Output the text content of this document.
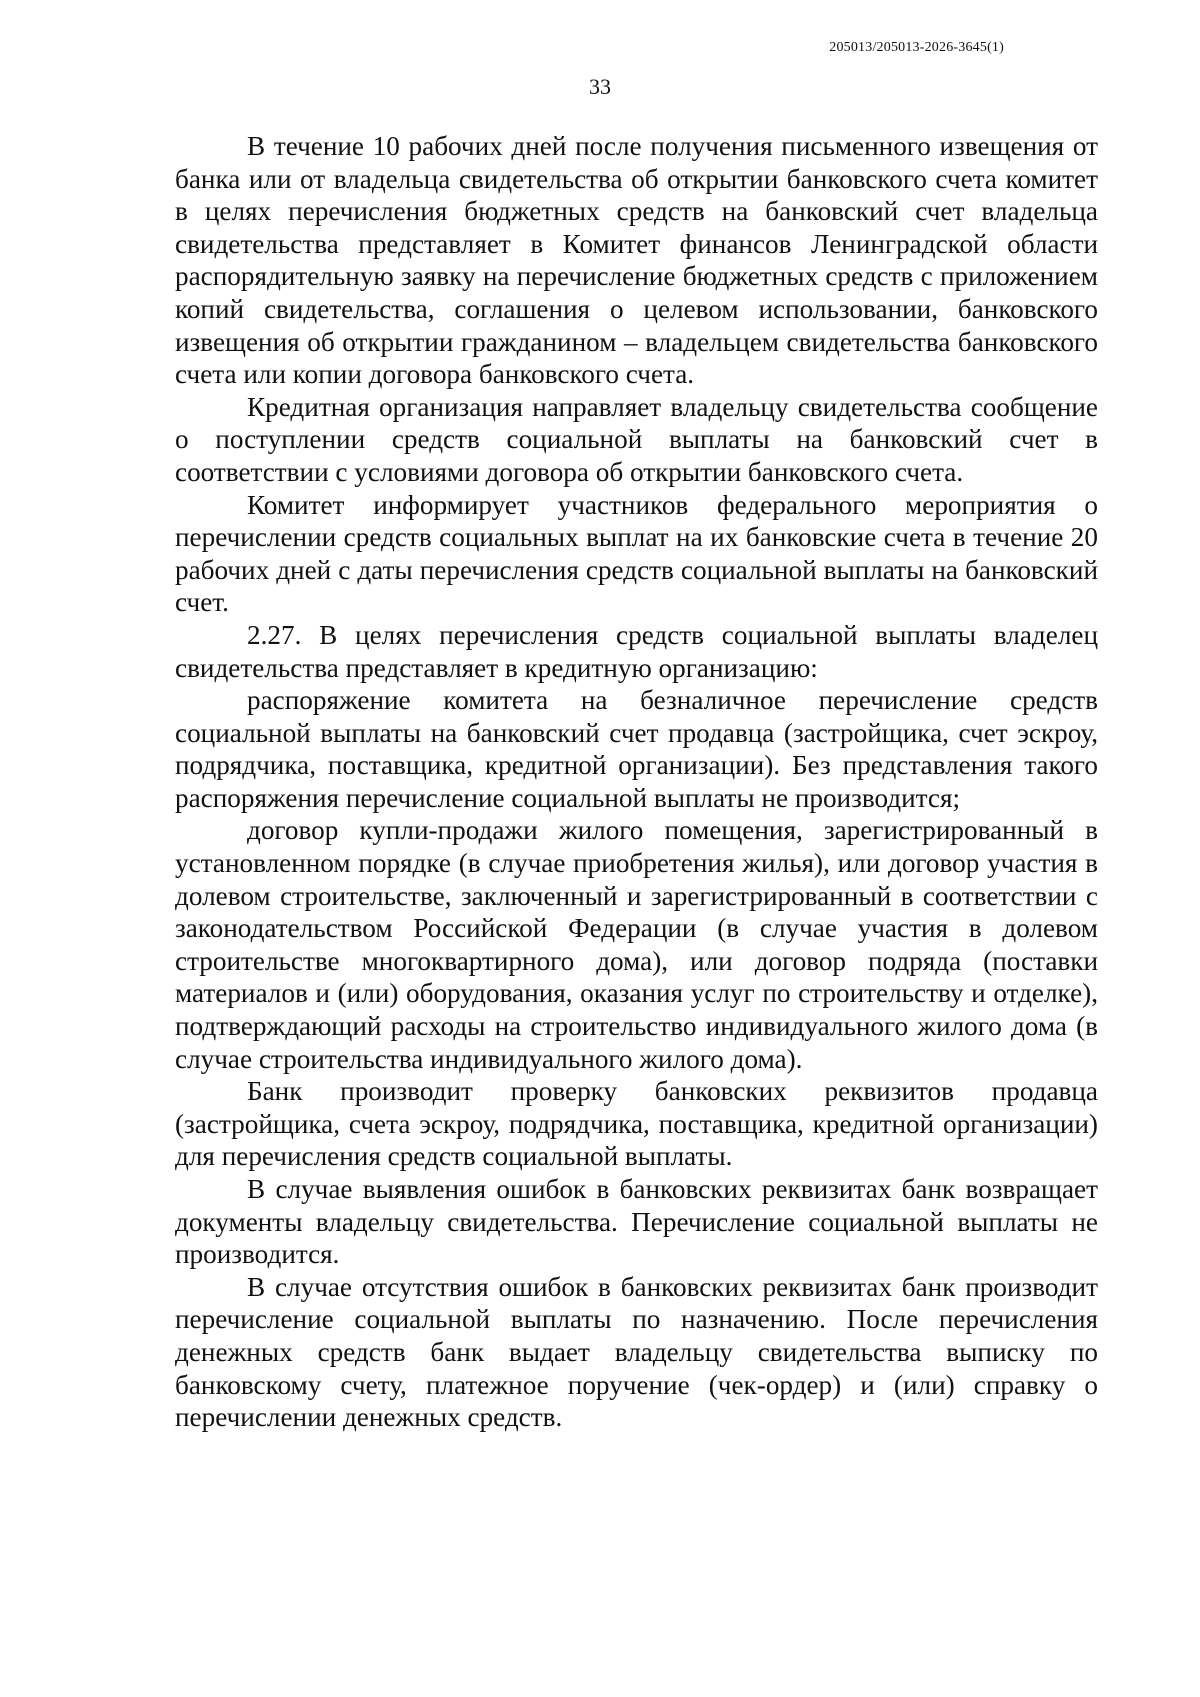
205013/205013-2026-3645(1)
33

В течение 10 рабочих дней после получения письменного извещения от банка или от владельца свидетельства об открытии банковского счета комитет в целях перечисления бюджетных средств на банковский счет владельца свидетельства представляет в Комитет финансов Ленинградской области распорядительную заявку на перечисление бюджетных средств с приложением копий свидетельства, соглашения о целевом использовании, банковского извещения об открытии гражданином – владельцем свидетельства банковского счета или копии договора банковского счета.

Кредитная организация направляет владельцу свидетельства сообщение о поступлении средств социальной выплаты на банковский счет в соответствии с условиями договора об открытии банковского счета.

Комитет информирует участников федерального мероприятия о перечислении средств социальных выплат на их банковские счета в течение 20 рабочих дней с даты перечисления средств социальной выплаты на банковский счет.

2.27. В целях перечисления средств социальной выплаты владелец свидетельства представляет в кредитную организацию:

распоряжение комитета на безналичное перечисление средств социальной выплаты на банковский счет продавца (застройщика, счет эскроу, подрядчика, поставщика, кредитной организации). Без представления такого распоряжения перечисление социальной выплаты не производится;

договор купли-продажи жилого помещения, зарегистрированный в установленном порядке (в случае приобретения жилья), или договор участия в долевом строительстве, заключенный и зарегистрированный в соответствии с законодательством Российской Федерации (в случае участия в долевом строительстве многоквартирного дома), или договор подряда (поставки материалов и (или) оборудования, оказания услуг по строительству и отделке), подтверждающий расходы на строительство индивидуального жилого дома (в случае строительства индивидуального жилого дома).

Банк производит проверку банковских реквизитов продавца (застройщика, счета эскроу, подрядчика, поставщика, кредитной организации) для перечисления средств социальной выплаты.

В случае выявления ошибок в банковских реквизитах банк возвращает документы владельцу свидетельства. Перечисление социальной выплаты не производится.

В случае отсутствия ошибок в банковских реквизитах банк производит перечисление социальной выплаты по назначению. После перечисления денежных средств банк выдает владельцу свидетельства выписку по банковскому счету, платежное поручение (чек-ордер) и (или) справку о перечислении денежных средств.
